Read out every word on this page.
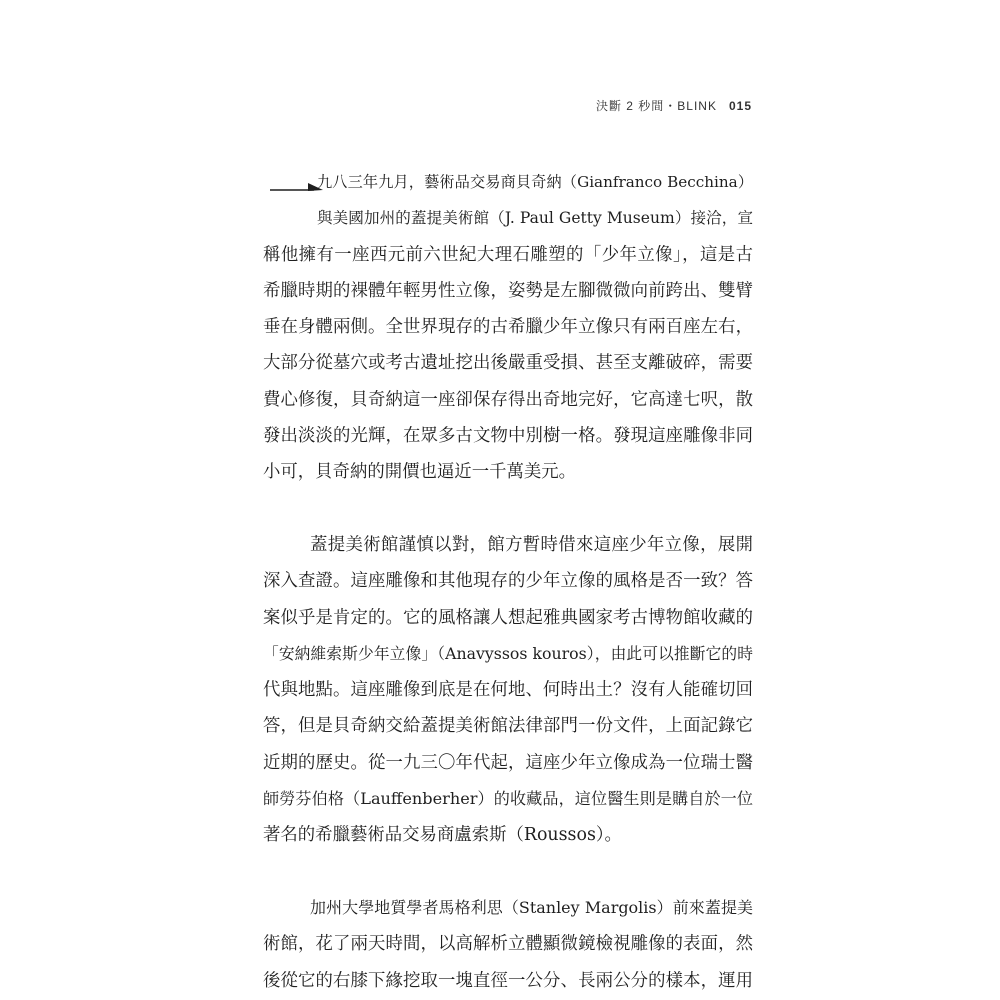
決斷 2 秒間・BLINK 015
九八三年九月，藝術品交易商貝奇納（Gianfranco Becchina）
與美國加州的蓋提美術館（J. Paul Getty Museum）接洽，宣
稱他擁有一座西元前六世紀大理石雕塑的「少年立像」，這是古
希臘時期的裸體年輕男性立像，姿勢是左腳微微向前跨出、雙臂
垂在身體兩側。全世界現存的古希臘少年立像只有兩百座左右，
大部分從墓穴或考古遺址挖出後嚴重受損、甚至支離破碎，需要
費心修復，貝奇納這一座卻保存得出奇地完好，它高達七呎，散
發出淡淡的光輝，在眾多古文物中別樹一格。發現這座雕像非同
小可，貝奇納的開價也逼近一千萬美元。
蓋提美術館謹慎以對，館方暫時借來這座少年立像，展開
深入查證。這座雕像和其他現存的少年立像的風格是否一致？答
案似乎是肯定的。它的風格讓人想起雅典國家考古博物館收藏的
「安納維索斯少年立像」（Anavyssos kouros），由此可以推斷它的時
代與地點。這座雕像到底是在何地、何時出土？沒有人能確切回
答，但是貝奇納交給蓋提美術館法律部門一份文件，上面記錄它
近期的歷史。從一九三〇年代起，這座少年立像成為一位瑞士醫
師勞芬伯格（Lauffenberher）的收藏品，這位醫生則是購自於一位
著名的希臘藝術品交易商盧索斯（Roussos）。
加州大學地質學者馬格利思（Stanley Margolis）前來蓋提美
術館，花了兩天時間，以高解析立體顯微鏡檢視雕像的表面，然
後從它的右膝下緣挖取一塊直徑一公分、長兩公分的樣本，運用
